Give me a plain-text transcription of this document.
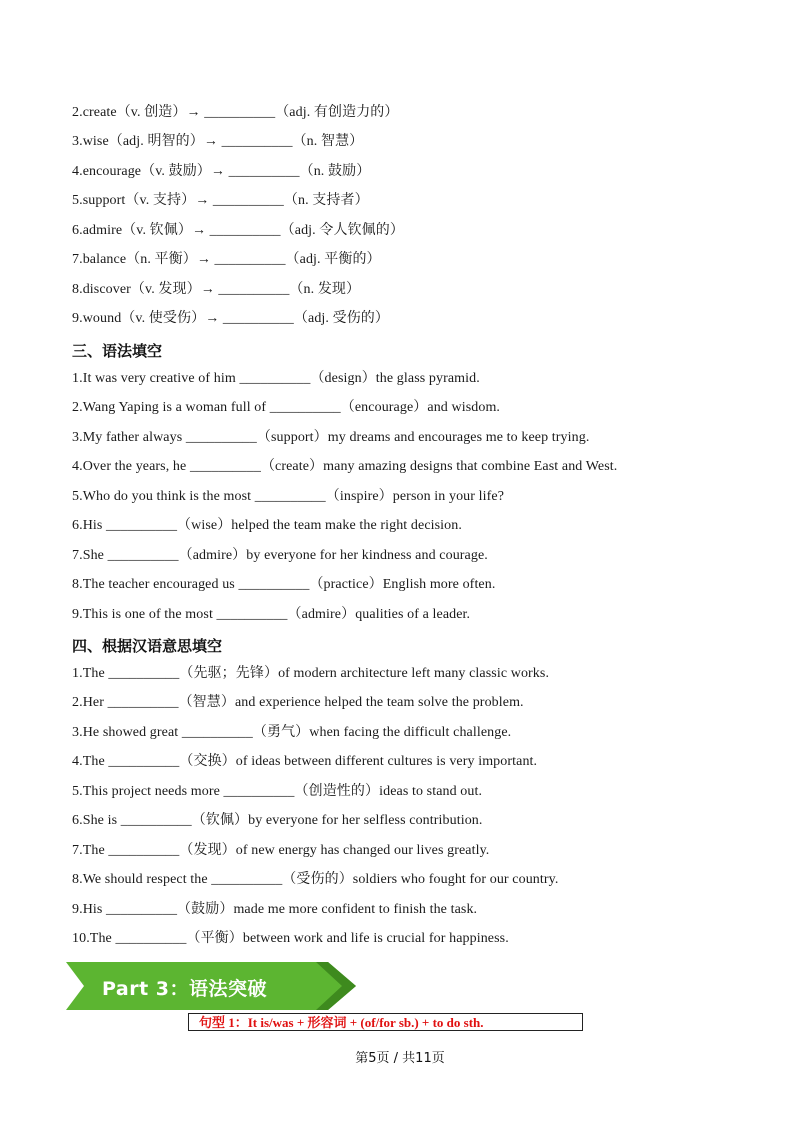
2.create（v. 创造）→ __________（adj. 有创造力的）
3.wise（adj. 明智的）→ __________（n. 智慧）
4.encourage（v. 鼓励）→ __________（n. 鼓励）
5.support（v. 支持）→ __________（n. 支持者）
6.admire（v. 钦佩）→ __________（adj. 令人钦佩的）
7.balance（n. 平衡）→ __________（adj. 平衡的）
8.discover（v. 发现）→ __________（n. 发现）
9.wound（v. 使受伤）→ __________（adj. 受伤的）
三、语法填空
1.It was very creative of him __________（design）the glass pyramid.
2.Wang Yaping is a woman full of __________（encourage）and wisdom.
3.My father always __________（support）my dreams and encourages me to keep trying.
4.Over the years, he __________（create）many amazing designs that combine East and West.
5.Who do you think is the most __________（inspire）person in your life?
6.His __________（wise）helped the team make the right decision.
7.She __________（admire）by everyone for her kindness and courage.
8.The teacher encouraged us __________（practice）English more often.
9.This is one of the most __________（admire）qualities of a leader.
四、根据汉语意思填空
1.The __________（先驱；先锋）of modern architecture left many classic works.
2.Her __________（智慧）and experience helped the team solve the problem.
3.He showed great __________（勇气）when facing the difficult challenge.
4.The __________（交换）of ideas between different cultures is very important.
5.This project needs more __________（创造性的）ideas to stand out.
6.She is __________（钦佩）by everyone for her selfless contribution.
7.The __________（发现）of new energy has changed our lives greatly.
8.We should respect the __________（受伤的）soldiers who fought for our country.
9.His __________（鼓励）made me more confident to finish the task.
10.The __________（平衡）between work and life is crucial for happiness.
Part 3：语法突破
句型 1：It is/was + 形容词 + (of/for sb.) + to do sth.
第5页 / 共11页
